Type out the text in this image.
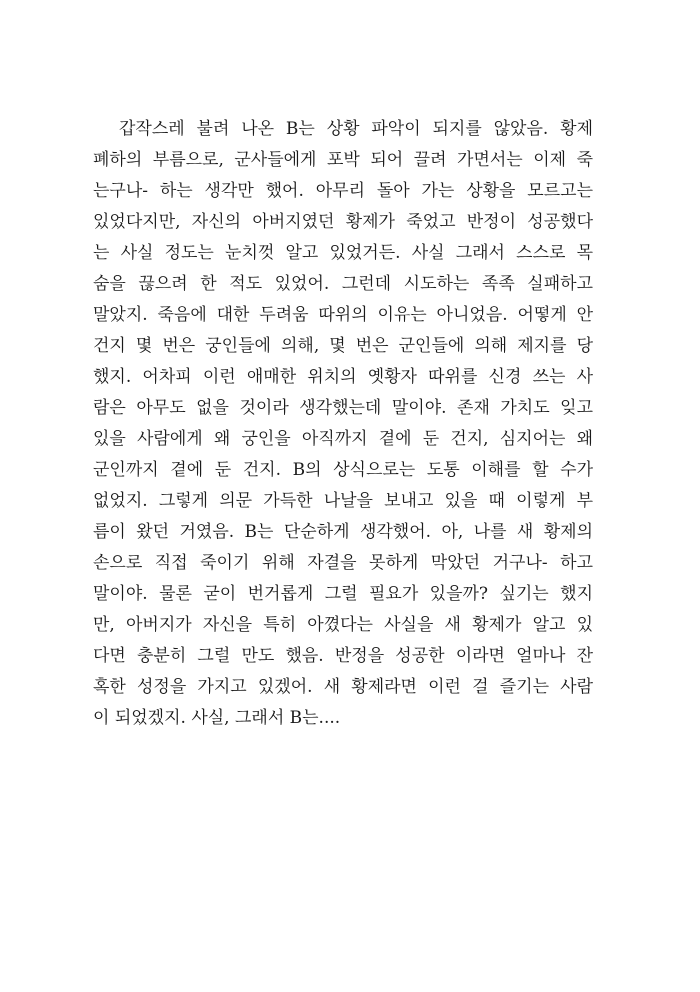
갑작스레 불려 나온 B는 상황 파악이 되지를 않았음. 황제
폐하의 부름으로, 군사들에게 포박 되어 끌려 가면서는 이제 죽
는구나- 하는 생각만 했어. 아무리 돌아 가는 상황을 모르고는
있었다지만, 자신의 아버지였던 황제가 죽었고 반정이 성공했다
는 사실 정도는 눈치껏 알고 있었거든. 사실 그래서 스스로 목
숨을 끊으려 한 적도 있었어. 그런데 시도하는 족족 실패하고
말았지. 죽음에 대한 두려움 따위의 이유는 아니었음. 어떻게 안
건지 몇 번은 궁인들에 의해, 몇 번은 군인들에 의해 제지를 당
했지. 어차피 이런 애매한 위치의 옛황자 따위를 신경 쓰는 사
람은 아무도 없을 것이라 생각했는데 말이야. 존재 가치도 잊고
있을 사람에게 왜 궁인을 아직까지 곁에 둔 건지, 심지어는 왜
군인까지 곁에 둔 건지. B의 상식으로는 도통 이해를 할 수가
없었지. 그렇게 의문 가득한 나날을 보내고 있을 때 이렇게 부
름이 왔던 거였음. B는 단순하게 생각했어. 아, 나를 새 황제의
손으로 직접 죽이기 위해 자결을 못하게 막았던 거구나- 하고
말이야. 물론 굳이 번거롭게 그럴 필요가 있을까? 싶기는 했지
만, 아버지가 자신을 특히 아꼈다는 사실을 새 황제가 알고 있
다면 충분히 그럴 만도 했음. 반정을 성공한 이라면 얼마나 잔
혹한 성정을 가지고 있겠어. 새 황제라면 이런 걸 즐기는 사람
이 되었겠지. 사실, 그래서 B는....
